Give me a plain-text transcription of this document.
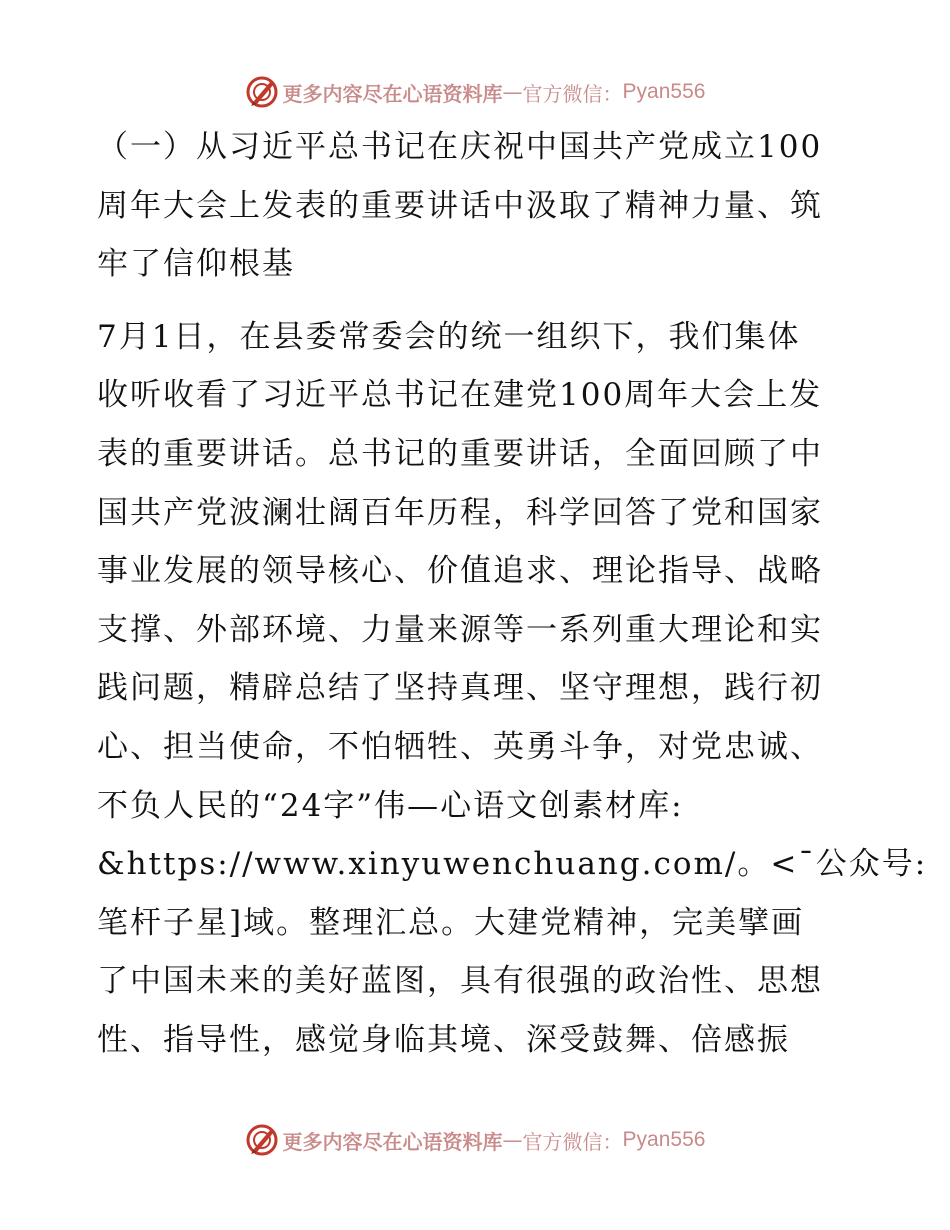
更多内容尽在心语资料库 — 官方微信： Pyan556
（一）从习近平总书记在庆祝中国共产党成立100
周年大会上发表的重要讲话中汲取了精神力量、筑
牢了信仰根基
7月1日，在县委常委会的统一组织下，我们集体
收听收看了习近平总书记在建党100周年大会上发
表的重要讲话。总书记的重要讲话，全面回顾了中
国共产党波澜壮阔百年历程，科学回答了党和国家
事业发展的领导核心、价值追求、理论指导、战略
支撑、外部环境、力量来源等一系列重大理论和实
践问题，精辟总结了坚持真理、坚守理想，践行初
心、担当使命，不怕牺牲、英勇斗争，对党忠诚、
不负人民的“24字”伟—心语文创素材库:
&https://www.xinyuwenchuang.com/。<¯公众号:
笔杆子星]域。整理汇总。大建党精神，完美擘画
了中国未来的美好蓝图，具有很强的政治性、思想
性、指导性，感觉身临其境、深受鼓舞、倍感振
更多内容尽在心语资料库 — 官方微信： Pyan556
